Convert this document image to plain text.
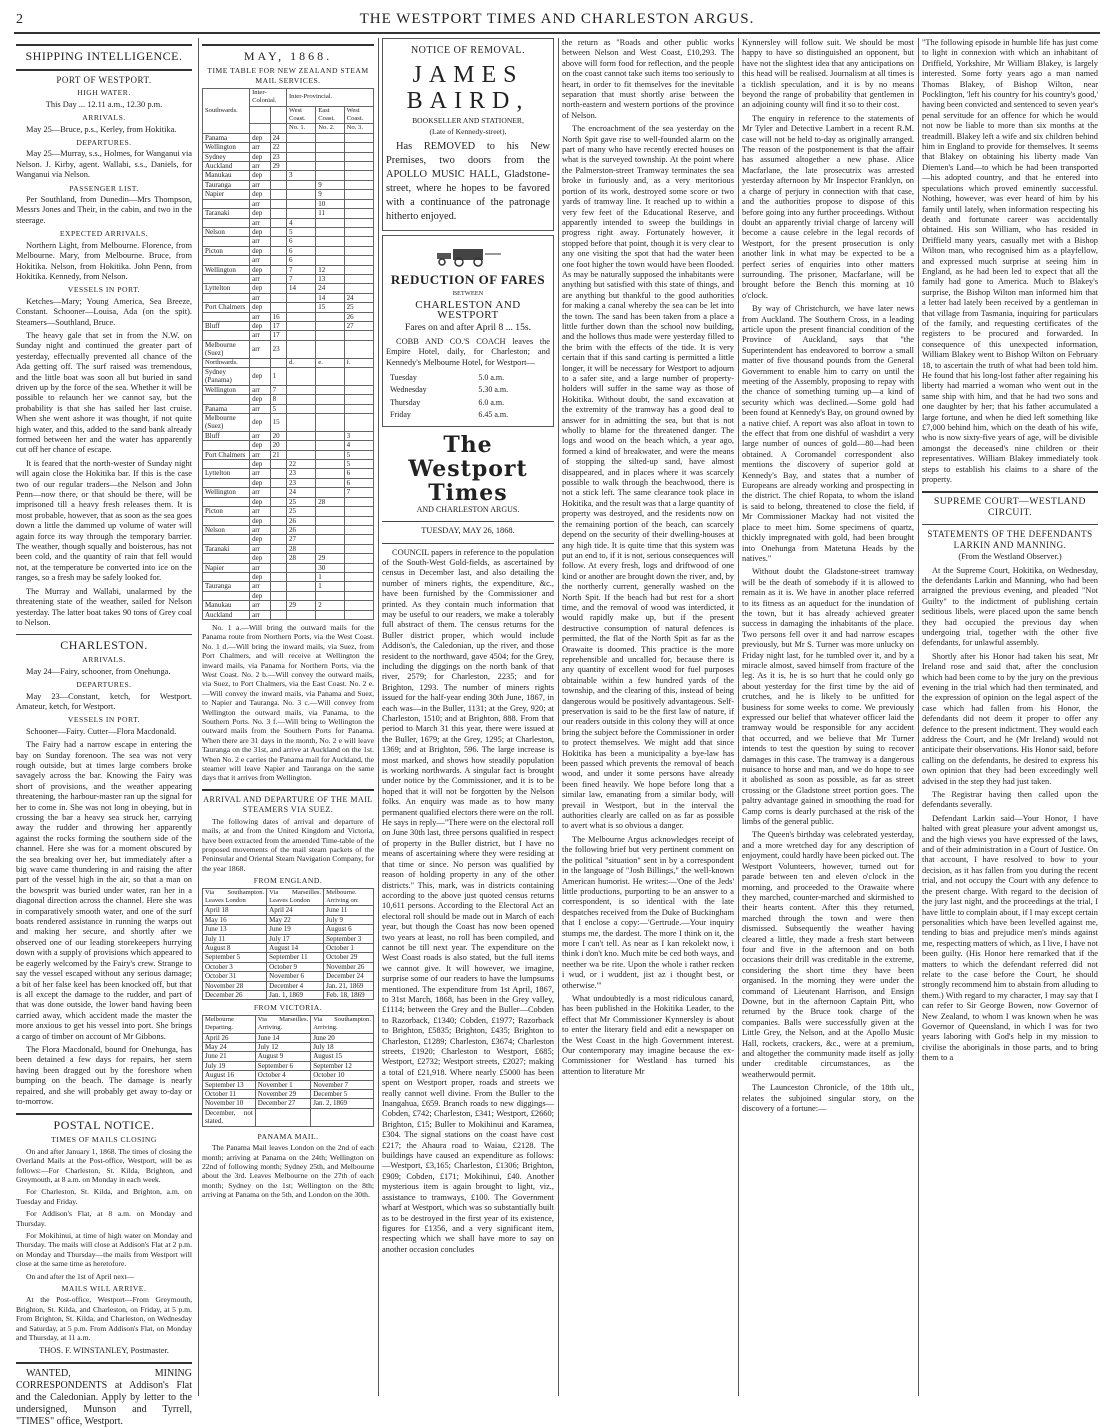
2	THE WESTPORT TIMES AND CHARLESTON ARGUS.
SHIPPING INTELLIGENCE.
PORT OF WESTPORT.
HIGH WATER.

This Day ... 12.11 a.m., 12.30 p.m.

ARRIVALS.

May 25—Bruce, p.s., Kerley, from Hokitika.

DEPARTURES.

May 25—Murray, s.s., Holmes, for Wanganui via Nelson. J. Kirby, agent. Wallabi, s.s., Daniels, for Wanganui via Nelson.

PASSENGER LIST.

Per Southland, from Dunedin—Mrs Thompson, Messrs Jones and Their, in the cabin, and two in the steerage.

EXPECTED ARRIVALS.

Northern Light, from Melbourne. Florence, from Melbourne. Mary, from Melbourne. Bruce, from Hokitika. Nelson, from Hokitika. John Penn, from Hokitika. Kennedy, from Nelson.

VESSELS IN PORT.

Ketches—Mary; Young America, Sea Breeze, Constant. Schooner—Louisa, Ada (on the spit). Steamers—Southland, Bruce.

The heavy gale that set in from the N.W. on Sunday night and continued the greater part of yesterday, effectually prevented all chance of the Ada getting off. The surf raised was tremendous, and the little boat was soon all but buried in sand driven up by the force of the sea. Whether it will be possible to relaunch her we cannot say, but the probability is that she has sailed her last cruise. When she went ashore it was thought, if not quite high water, and this, added to the sand bank already formed between her and the water has apparently cut off her chance of escape.

It is feared that the north-wester of Sunday night will again close the Hokitika bar. If this is the case two of our regular traders—the Nelson and John Penn—now there, or that should be there, will be imprisoned till a heavy fresh releases them. It is most probable, however, that as soon as the sea goes down a little the dammed up volume of water will again force its way through the temporary barrier. The weather, though squally and boisterous, has not been cold, and the quantity of rain that fell would not, at the temperature be converted into ice on the ranges, so a fresh may be safely looked for.

The Murray and Wallabi, unalarmed by the threatening state of the weather, sailed for Nelson yesterday. The latter boat takes 90 tons of Grey coal to Nelson.

CHARLESTON.
ARRIVALS.

May 24—Fairy, schooner, from Onehunga.

DEPARTURES.

May 23—Constant, ketch, for Westport. Amateur, ketch, for Westport.

VESSELS IN PORT.

Schooner—Fairy. Cutter—Flora Macdonald.

The Fairy had a narrow escape in entering the bay on Sunday forenoon. The sea was not very rough outside, but at times large combers broke savagely across the bar. Knowing the Fairy was short of provisions, and the weather appearing threatening, the harbour-master ran up the signal for her to come in. She was not long in obeying, but in crossing the bar a heavy sea struck her, carrying away the rudder and throwing her apparently against the rocks forming the southern side of the channel. Here she was for a moment obscured by the sea breaking over her, but immediately after a big wave came thundering in and raising the after part of the vessel high in the air, so that a man on the bowsprit was buried under water, ran her in a diagonal direction across the channel. Here she was in comparatively smooth water, and one of the surf boats rendered assistance in running the warps out and making her secure, and shortly after we observed one of our leading storekeepers hurrying down with a supply of provisions which appeared to be eagerly welcomed by the Fairy's crew. Strange to say the vessel escaped without any serious damage; a bit of her false keel has been knocked off, but that is all except the damage to the rudder, and part of that was done outside, the lower band having been carried away, which accident made the master the more anxious to get his vessel into port. She brings a cargo of timber on account of Mr Gibbons.

The Flora Macdonald, bound for Onehunga, has been detained a few days for repairs, her stern having been dragged out by the foreshore when bumping on the beach. The damage is nearly repaired, and she will probably get away to-day or to-morrow.

POSTAL NOTICE.
TIMES OF MAILS CLOSING

On and after January 1, 1868. The times of closing the Overland Mails at the Post-office, Westport, will be as follows:—For Charleston, St. Kilda, Brighton, and Greymouth, at 8 a.m. on Monday in each week.

For Charleston, St. Kilda, and Brighton, a.m. on Tuesday and Friday.

For Addison's Flat, at 8 a.m. on Monday and Thursday.

For Mokihinui, at time of high water on Monday and Thursday. The mails will close at Addison's Flat at 2 p.m. on Monday and Thursday—the mails from Westport will close at the same time as heretofore.

On and after the 1st of April next—

MAILS WILL ARRIVE.

At the Post-office, Westport—From Greymouth, Brighton, St. Kilda, and Charleston, on Friday, at 5 p.m. From Brighton, St. Kilda, and Charleston, on Wednesday and Saturday, at 5 p.m. From Addison's Flat, on Monday and Thursday, at 11 a.m.

THOS. F. WINSTANLEY, Postmaster.

WANTED, MINING CORRESPONDENTS at Addison's Flat and the Caledonian. Apply by letter to the undersigned, Munson and Tyrrell, "TIMES" office, Westport.

MAY, 1868.
TIME TABLE FOR NEW ZEALAND STEAM MAIL SERVICES.
Southwards.	Inter-Colonial.		Inter-Provincial.		
			West Coast.	East Coast.	West Coast.
			No. 1.	No. 2.	No. 3.
Panama	dep	24			
Wellington	arr	22			
Sydney	dep	23			
Auckland	arr	29			
Manukau	dep		3		
Tauranga	arr			9	
Napier	dep			9	
	arr			10	
Taranaki	dep			11	
	arr		4		
Nelson	dep		5		
	arr		6		
Picton	dep		6		
	arr		6		
Wellington	dep		7	12	
	arr		7	13	
Lyttelton	dep		14	24	
	arr			14	24
Port Chalmers	dep			15	25
	arr	16			26
Bluff	dep	17			27
	arr	17			
Melbourne (Suez)	arr	23			
Northwards.			d.	e.	f.
Sydney (Panama)	dep	1			
Wellington	arr	7			
	dep	8			
Panama	arr	5			
Melbourne (Suez)	dep	15			
Bluff	arr	20			3
	dep	20			4
Port Chalmers	arr	21			5
	dep		22		5
Lyttelton	arr		23		6
	dep		23		6
Wellington	arr		24		7
	dep		25	28	
Picton	arr		25		
	dep		26		
Nelson	arr		26		
	dep		27		
Taranaki	arr		28		
	dep		28	29	
Napier	arr			30	
	dep			1	
Tauranga	arr			1	
	dep				
Manukau	arr		29	2	
Auckland	arr				

No. 1 a.—Will bring the outward mails for the Panama route from Northern Ports, via the West Coast. No. 1 d.—Will bring the inward mails, via Suez, from Port Chalmers, and will receive at Wellington the inward mails, via Panama for Northern Ports, via the West Coast. No. 2 b.—Will convey the outward mails, via Suez, to Port Chalmers, via the East Coast. No. 2 e.—Will convey the inward mails, via Panama and Suez, to Napier and Tauranga. No. 3 c.—Will convey from Wellington the outward mails, via Panama, to the Southern Ports. No. 3 f.—Will bring to Wellington the outward mails from the Southern Ports for Panama. When there are 31 days in the month, No. 2 e will leave Tauranga on the 31st, and arrive at Auckland on the 1st. When No. 2 e carries the Panama mail for Auckland, the steamer will leave Napier and Tauranga on the same days that it arrives from Wellington.

ARRIVAL AND DEPARTURE OF THE MAIL STEAMERS VIA SUEZ.

The following dates of arrival and departure of mails, at and from the United Kingdom and Victoria, have been extracted from the amended Time-table of the proposed movements of the mail steam packets of the Peninsular and Oriental Steam Navigation Company, for the year 1868.

FROM ENGLAND.
Via Southampton. Leaves London	Via Marseilles. Leaves London	Melbourne. Arriving on:
April 18	April 24	June 11
May 16	May 22	July 9
June 13	June 19	August 6
July 11	July 17	September 3
August 8	August 14	October 1
September 5	September 11	October 29
October 3	October 9	November 26
October 31	November 6	December 24
November 28	December 4	Jan. 21, 1869
December 26	Jan. 1, 1869	Feb. 18, 1869
FROM VICTORIA.
Melbourne Departing.	Via Marseilles. Arriving.	Via Southampton. Arriving.
April 26	June 14	June 20
May 24	July 12	July 18
June 21	August 9	August 15
July 19	September 6	September 12
August 16	October 4	October 10
September 13	November 1	November 7
October 11	November 29	December 5
November 10	December 27	Jan. 2, 1869
December, not stated.		
PANAMA MAIL.

The Panama Mail leaves London on the 2nd of each month; arriving at Panama on the 24th; Wellington on 22nd of following month; Sydney 25th, and Melbourne about the 3rd. Leaves Melbourne on the 27th of each month; Sydney on the 1st; Wellington on the 8th; arriving at Panama on the 5th, and London on the 30th.

NOTICE OF REMOVAL.
JAMES BAIRD,
BOOKSELLER AND STATIONER,
(Late of Kennedy-street),

Has REMOVED to his New Premises, two doors from the APOLLO MUSIC HALL, Gladstone-street, where he hopes to be favored with a continuance of the patronage hitherto enjoyed.

REDUCTION OF FARES
BETWEEN
CHARLESTON AND WESTPORT

Fares on and after April 8 ... 15s.

COBB AND CO.'S COACH leaves the Empire Hotel, daily, for Charleston; and Kennedy's Melbourne Hotel, for Westport—

Tuesday	5.0 a.m.
Wednesday	5.30 a.m.
Thursday	6.0 a.m.
Friday	6.45 a.m.
The Westport Times
AND CHARLESTON ARGUS.
TUESDAY, MAY 26, 1868.

COUNCIL papers in reference to the population of the South-West Gold-fields, as ascertained by census in December last, and also detailing the number of miners rights, the expenditure, &c., have been furnished by the Commissioner and printed. As they contain much information that may be useful to our readers, we make a tolerably full abstract of them. The census returns for the Buller district proper, which would include Addison's, the Caledonian, up the river, and those resident to the northward, gave 4504; for the Grey, including the diggings on the north bank of that river, 2579; for Charleston, 2235; and for Brighton, 1293. The number of miners rights issued for the half-year ending 30th June, 1867, in each was—in the Buller, 1131; at the Grey, 920; at Charleston, 1510; and at Brighton, 888. From that period to March 31 this year, there were issued at the Buller, 1679; at the Grey, 1295; at Charleston, 1369; and at Brighton, 596. The large increase is most marked, and shows how steadily population is working northwards. A singular fact is brought under notice by the Commissioner, and it is to be hoped that it will not be forgotten by the Nelson folks. An enquiry was made as to how many permanent qualified electors there were on the roll. He says in reply—"There were on the electoral roll on June 30th last, three persons qualified in respect of property in the Buller district, but I have no means of ascertaining where they were residing at that time or since. No person was qualified by reason of holding property in any of the other districts." This, mark, was in districts containing according to the above just quoted census returns 10,611 persons. According to the Electoral Act an electoral roll should be made out in March of each year, but though the Coast has now been opened two years at least, no roll has been compiled, and cannot be till next year. The expenditure on the West Coast roads is also stated, but the full items we cannot give. It will however, we imagine, surprise some of our readers to have the lumpsums mentioned. The expenditure from 1st April, 1867, to 31st March, 1868, has been in the Grey valley, £1114; between the Grey and the Buller—Cobden to Razorback, £1340; Cobden, £1977; Razorback to Brighton, £5835; Brighton, £435; Brighton to Charleston, £1289; Charleston, £3674; Charleston streets, £1920; Charleston to Westport, £685; Westport, £2732; Westport streets, £2027; making a total of £21,918. Where nearly £5000 has been spent on Westport proper, roads and streets we really cannot well divine. From the Buller to the Inangahua, £659. Branch roads to new diggings—Cobden, £742; Charleston, £341; Westport, £2660; Brighton, £15; Buller to Mokihinui and Karamea, £304. The signal stations on the coast have cost £217; the Ahaura road to Waiau, £2128. The buildings have caused an expenditure as follows:—Westport, £3,165; Charleston, £1306; Brighton, £909; Cobden, £171; Mokihinui, £40. Another mysterious item is again brought to light, viz., assistance to tramways, £100. The Government wharf at Westport, which was so substantially built as to be destroyed in the first year of its existence, figures for £1356, and a very significant item, respecting which we shall have more to say on another occasion concludes

the return as "Roads and other public works between Nelson and West Coast, £10,293. The above will form food for reflection, and the people on the coast cannot take such items too seriously to heart, in order to fit themselves for the inevitable separation that must shortly arise between the north-eastern and western portions of the province of Nelson.

The encroachment of the sea yesterday on the North Spit gave rise to well-founded alarm on the part of many who have recently erected houses on what is the surveyed township. At the point where the Palmerston-street Tramway terminates the sea broke in furiously and, as a very meritorious portion of its work, destroyed some score or two yards of tramway line. It reached up to within a very few feet of the Educational Reserve, and apparently intended to sweep the buildings in progress right away. Fortunately however, it stopped before that point, though it is very clear to any one visiting the spot that had the water been one foot higher the town would have been flooded. As may be naturally supposed the inhabitants were anything but satisfied with this state of things, and are anything but thankful to the good authorities for making a canal whereby the sea can be let into the town. The sand has been taken from a place a little further down than the school now building, and the hollows thus made were yesterday filled to the brim with the effects of the tide. It is very certain that if this sand carting is permitted a little longer, it will be necessary for Westport to adjourn to a safer site, and a large number of property-holders will suffer in the same way as those of Hokitika. Without doubt, the sand excavation at the extremity of the tramway has a good deal to answer for in admitting the sea, but that is not wholly to blame for the threatened danger. The logs and wood on the beach which, a year ago, formed a kind of breakwater, and were the means of stopping the silted-up sand, have almost disappeared, and in places where it was scarcely possible to walk through the beachwood, there is not a stick left. The same clearance took place in Hokitika, and the result was that a large quantity of property was destroyed, and the residents now on the remaining portion of the beach, can scarcely depend on the security of their dwelling-houses at any high tide. It is quite time that this system was put an end to, if it is not, serious consequences will follow. At every fresh, logs and driftwood of one kind or another are brought down the river, and, by the northerly current, generally washed on the North Spit. If the beach had but rest for a short time, and the removal of wood was interdicted, it would rapidly make up, but if the present destructive consumption of natural defences is permitted, the flat of the North Spit as far as the Orawaite is doomed. This practice is the more reprehensible and uncalled for, because there is any quantity of excellent wood for fuel purposes obtainable within a few hundred yards of the township, and the clearing of this, instead of being dangerous would be positively advantageous. Self-preservation is said to be the first law of nature, if our readers outside in this colony they will at once bring the subject before the Commissioner in order to protect themselves. We might add that since Hokitika has been a municipality a bye-law has been passed which prevents the removal of beach wood, and under it some persons have already been fined heavily. We hope before long that a similar law, emanating from a similar body, will prevail in Westport, but in the interval the authorities clearly are called on as far as possible to avert what is so obvious a danger.

The Melbourne Argus acknowledges receipt of the following brief but very pertinent comment on the political "situation" sent in by a correspondent in the language of "Josh Billings," the well-known American humorist. He writes:—'One of the Jeds' little productions, purporting to be an answer to a correspondent, is so identical with the late despatches received from the Duke of Buckingham that I enclose a copy:—'Gertrude.—Your inquiry stumps me, the dardest. The more I think on it, the more I can't tell. As near as I kan rekolekt now, i think i don't kno. Much mite be ced both ways, and neether wa be rite. Upon the whole i rather recken i wud, or i wuddent, jist az i thought best, or otherwise.'"

What undoubtedly is a most ridiculous canard, has been published in the Hokitika Leader, to the effect that Mr Commissioner Kynnersley is about to enter the literary field and edit a newspaper on the West Coast in the high Government interest. Our contemporary may imagine because the ex-Commissioner for Westland has turned his attention to literature Mr

Kynnersley will follow suit. We should be most happy to have so distinguished an opponent, but have not the slightest idea that any anticipations on this head will be realised. Journalism at all times is a ticklish speculation, and it is by no means beyond the range of probability that gentlemen in an adjoining county will find it so to their cost.

The enquiry in reference to the statements of Mr Tyler and Detective Lambert in a recent R.M. case will not be held to-day as originally arranged. The reason of the postponement is that the affair has assumed altogether a new phase. Alice Macfarlane, the late prosecutrix was arrested yesterday afternoon by Mr Inspector Franklyn, on a charge of perjury in connection with that case, and the authorities propose to dispose of this before going into any further proceedings. Without doubt an apparently trivial charge of larceny will become a cause celebre in the legal records of Westport, for the present prosecution is only another link in what may be expected to be a perfect series of enquiries into other matters surrounding. The prisoner, Macfarlane, will be brought before the Bench this morning at 10 o'clock.

By way of Christchurch, we have later news from Auckland. The Southern Cross, in a leading article upon the present financial condition of the Province of Auckland, says that "the Superintendent has endeavored to borrow a small matter of five thousand pounds from the General Government to enable him to carry on until the meeting of the Assembly, proposing to repay with the chance of something turning up—a kind of security which was declined.—Some gold had been found at Kennedy's Bay, on ground owned by a native chief. A report was also afloat in town to the effect that from one dishful of washdirt a very large number of ounces of gold—80—had been obtained. A Coromandel correspondent also mentions the discovery of superior gold at Kennedy's Bay, and states that a number of Europeans are already working and prospecting in the district. The chief Ropata, to whom the island is said to belong, threatened to close the field, if Mr Commissioner Mackay had not visited the place to meet him. Some specimens of quartz, thickly impregnated with gold, had been brought into Onehunga from Matetuna Heads by the natives."

Without doubt the Gladstone-street tramway will be the death of somebody if it is allowed to remain as it is. We have in another place referred to its fitness as an aqueduct for the inundation of the town, but it has already achieved greater success in damaging the inhabitants of the place. Two persons fell over it and had narrow escapes previously, but Mr S. Turner was more unlucky on Friday night last, for he tumbled over it, and by a miracle almost, saved himself from fracture of the leg. As it is, he is so hurt that he could only go about yesterday for the first time by the aid of crutches, and he is likely to be unfitted for business for some weeks to come. We previously expressed our belief that whatever officer laid the tramway would be responsible for any accident that occurred, and we believe that Mr Turner intends to test the question by suing to recover damages in this case. The tramway is a dangerous nuisance to horse and man, and we do hope to see it abolished as soon as possible, as far as street crossing or the Gladstone street portion goes. The paltry advantage gained in smoothing the road for Camp corns is dearly purchased at the risk of the limbs of the general public.

The Queen's birthday was celebrated yesterday, and a more wretched day for any description of enjoyment, could hardly have been picked out. The Westport Volunteers, however, turned out for parade between ten and eleven o'clock in the morning, and proceeded to the Orawaite where they marched, counter-marched and skirmished to their hearts content. After this they returned, marched through the town and were then dismissed. Subsequently the weather having cleared a little, they made a fresh start between four and five in the afternoon and on both occasions their drill was creditable in the extreme, considering the short time they have been organised. In the morning they were under the command of Lieutenant Harrison, and Ensign Downe, but in the afternoon Captain Pitt, who returned by the Bruce took charge of the companies. Balls were successfully given at the Little Grey, the Nelson, and at the Apollo Music Hall, rockets, crackers, &c., were at a premium, and altogether the community made itself as jolly under creditable circumstances, as the weatherwould permit.

The Launceston Chronicle, of the 18th ult., relates the subjoined singular story, on the discovery of a fortune:—

"The following episode in humble life has just come to light in connexion with which an inhabitant of Driffield, Yorkshire, Mr William Blakey, is largely interested. Some forty years ago a man named Thomas Blakey, of Bishop Wilton, near Pocklington, 'left his country for his country's good,' having been convicted and sentenced to seven year's penal servitude for an offence for which he would not now be liable to more than six months at the treadmill. Blakey left a wife and six children behind him in England to provide for themselves. It seems that Blakey on obtaining his liberty made Van Diemen's Land—to which he had been transported—his adopted country, and that he entered into speculations which proved eminently successful. Nothing, however, was ever heard of him by his family until lately, when information respecting his death and fortunate career was accidentally obtained. His son William, who has resided in Driffield many years, casually met with a Bishop Wilton man, who recognised him as a playfellow, and expressed much surprise at seeing him in England, as he had been led to expect that all the family had gone to America. Much to Blakey's surprise, the Bishop Wilton man informed him that a letter had lately been received by a gentleman in that village from Tasmania, inquiring for particulars of the family, and requesting certificates of the registers to be procured and forwarded. In consequence of this unexpected information, William Blakey went to Bishop Wilton on February 18, to ascertain the truth of what had been told him. He found that his long-lost father after regaining his liberty had married a woman who went out in the same ship with him, and that he had two sons and one daughter by her; that his father accumulated a large fortune, and when he died left something like £7,000 behind him, which on the death of his wife, who is now sixty-five years of age, will be divisible amongst the deceased's nine children or their representatives. William Blakey immediately took steps to establish his claims to a share of the property.

SUPREME COURT—WESTLAND CIRCUIT.
STATEMENTS OF THE DEFENDANTS LARKIN AND MANNING.

(From the Westland Observer.)

At the Supreme Court, Hokitika, on Wednesday, the defendants Larkin and Manning, who had been arraigned the previous evening, and pleaded "Not Guilty" to the indictment of publishing certain seditious libels, were placed upon the same bench they had occupied the previous day when undergoing trial, together with the other five defendants, for unlawful assembly.

Shortly after his Honor had taken his seat, Mr Ireland rose and said that, after the conclusion which had been come to by the jury on the previous evening in the trial which had then terminated, and the expression of opinion on the legal aspect of the case which had fallen from his Honor, the defendants did not deem it proper to offer any defence to the present indictment. They would each address the Court, and he (Mr Ireland) would not anticipate their observations. His Honor said, before calling on the defendants, he desired to express his own opinion that they had been exceedingly well advised in the step they had just taken.

The Registrar having then called upon the defendants severally.

Defendant Larkin said—Your Honor, I have halted with great pleasure your advent amongst us, and the high views you have expressed of the laws, and of their administration in a Court of Justice. On that account, I have resolved to bow to your decision, as it has fallen from you during the recent trial, and not occupy the Court with any defence to the present charge. With regard to the decision of the jury last night, and the proceedings at the trial, I have little to complain about, if I may except certain personalities which have been levelled against me, tending to bias and prejudice men's minds against me, respecting matters of which, as I live, I have not been guilty. (His Honor here remarked that if the matters to which the defendant referred did not relate to the case before the Court, he should strongly recommend him to abstain from alluding to them.) With regard to my character, I may say that I can refer to Sir George Bowen, now Governor of New Zealand, to whom I was known when he was Governor of Queensland, in which I was for two years laboring with God's help in my mission to civilise the aboriginals in those parts, and to bring them to a
